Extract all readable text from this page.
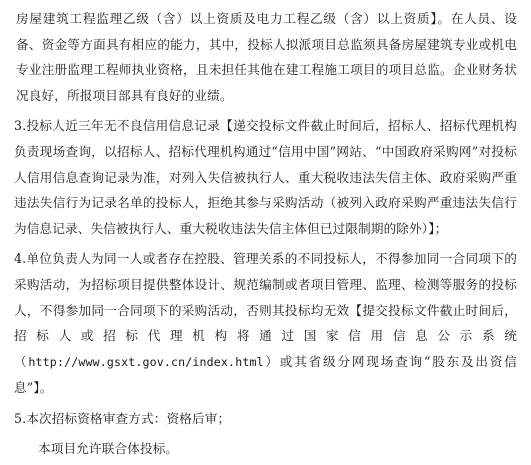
房屋建筑工程监理乙级（含）以上资质及电力工程乙级（含）以上资质】。在人员、设备、资金等方面具有相应的能力，其中，投标人拟派项目总监须具备房屋建筑专业或机电专业注册监理工程师执业资格，且未担任其他在建工程施工项目的项目总监。企业财务状况良好，所报项目部具有良好的业绩。

3.投标人近三年无不良信用信息记录【递交投标文件截止时间后，招标人、招标代理机构负责现场查询，以招标人、招标代理机构通过“信用中国”网站、“中国政府采购网”对投标人信用信息查询记录为准，对列入失信被执行人、重大税收违法失信主体、政府采购严重违法失信行为记录名单的投标人，拒绝其参与采购活动（被列入政府采购严重违法失信行为信息记录、失信被执行人、重大税收违法失信主体但已过限制期的除外）】；

4.单位负责人为同一人或者存在控股、管理关系的不同投标人，不得参加同一合同项下的采购活动，为招标项目提供整体设计、规范编制或者项目管理、监理、检测等服务的投标人，不得参加同一合同项下的采购活动，否则其投标均无效【提交投标文件截止时间后，招标人或招标代理机构将通过国家信用信息公示系统（http://www.gsxt.gov.cn/index.html）或其省级分网现场查询“股东及出资信息”】。

5.本次招标资格审查方式：资格后审；

本项目允许联合体投标。
